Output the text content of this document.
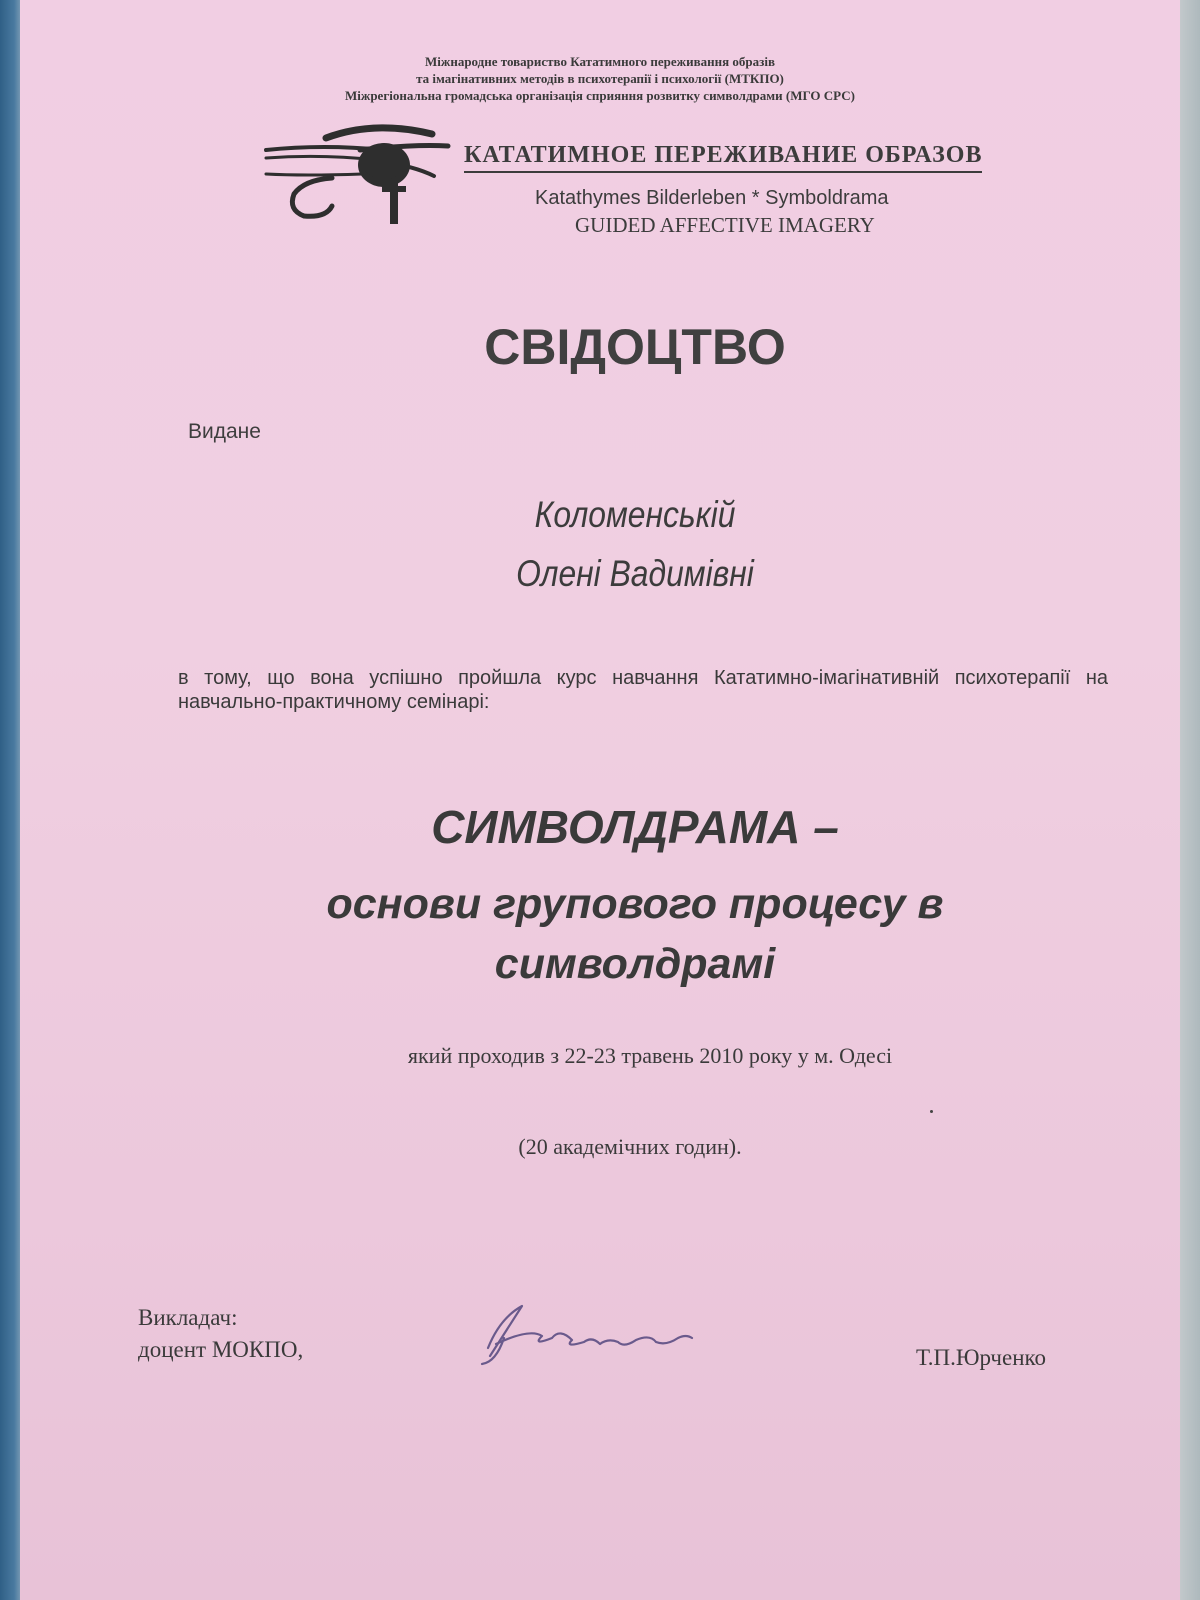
Міжнародне товариство Кататимного переживання образів
та імагінативних методів в психотерапії і психології (МТКПО)
Міжрегіональна громадська організація сприяння розвитку символдрами (МГО СРС)
КАТАТИМНОЕ ПЕРЕЖИВАНИЕ ОБРАЗОВ
Katathymes Bilderleben * Symboldrama
GUIDED AFFECTIVE IMAGERY
СВІДОЦТВО
Видане
Коломенській
Олені Вадимівні
в тому, що вона успішно пройшла курс навчання Кататимно-імагінативній психотерапії на навчально-практичному семінарі:
СИМВОЛДРАМА –
основи групового процесу в
символдрамі
який проходив з 22-23 травень 2010 року у м. Одесі
(20 академічних годин).
Викладач:
доцент МОКПО,	Т.П.Юрченко
